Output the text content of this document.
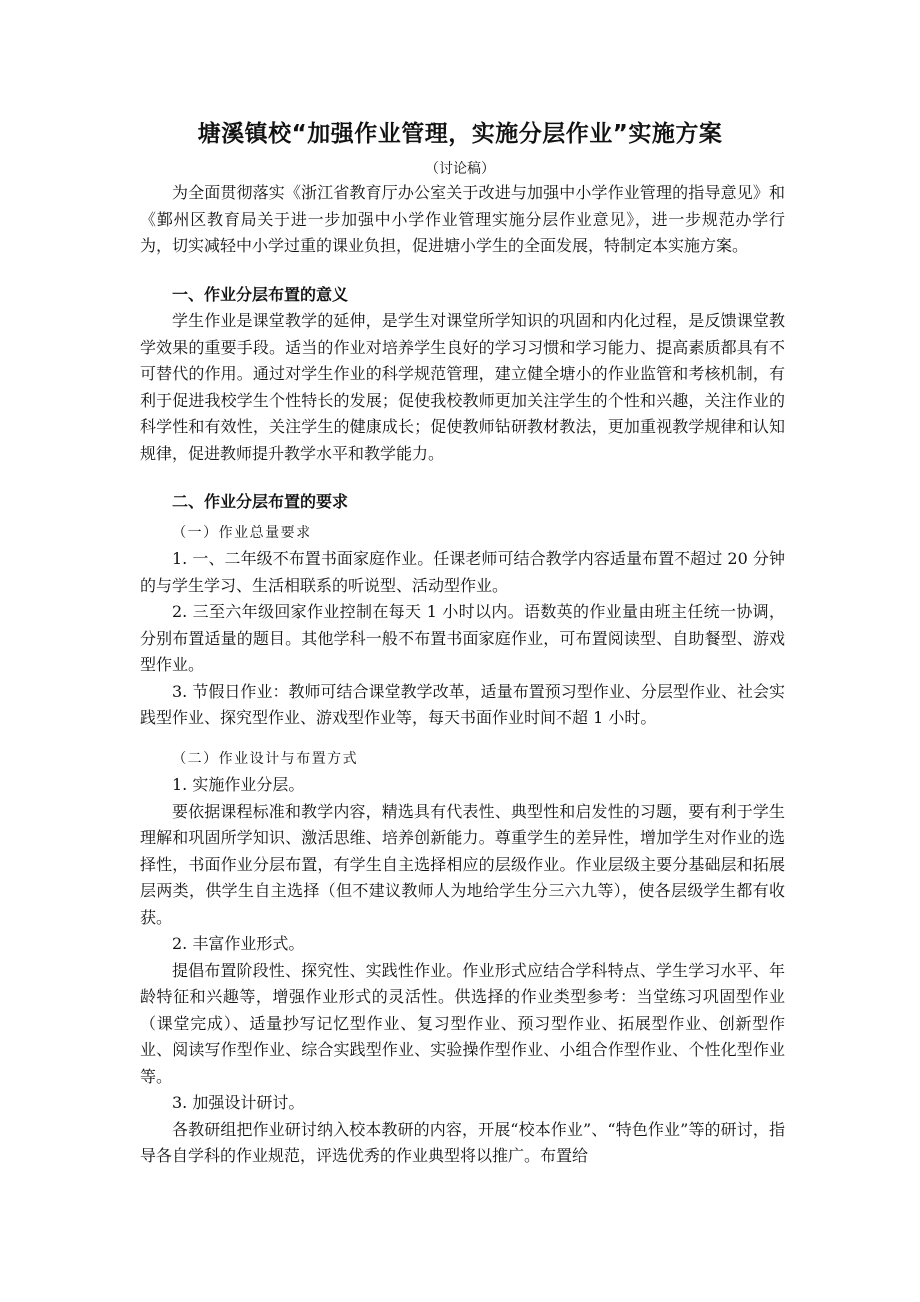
塘溪镇校“加强作业管理，实施分层作业”实施方案
（讨论稿）

为全面贯彻落实《浙江省教育厅办公室关于改进与加强中小学作业管理的指导意见》和《鄞州区教育局关于进一步加强中小学作业管理实施分层作业意见》，进一步规范办学行为，切实减轻中小学过重的课业负担，促进塘小学生的全面发展，特制定本实施方案。

一、作业分层布置的意义

学生作业是课堂教学的延伸，是学生对课堂所学知识的巩固和内化过程，是反馈课堂教学效果的重要手段。适当的作业对培养学生良好的学习习惯和学习能力、提高素质都具有不可替代的作用。通过对学生作业的科学规范管理，建立健全塘小的作业监管和考核机制，有利于促进我校学生个性特长的发展；促使我校教师更加关注学生的个性和兴趣，关注作业的科学性和有效性，关注学生的健康成长；促使教师钻研教材教法，更加重视教学规律和认知规律，促进教师提升教学水平和教学能力。

二、作业分层布置的要求

（一）作业总量要求

1. 一、二年级不布置书面家庭作业。任课老师可结合教学内容适量布置不超过 20 分钟的与学生学习、生活相联系的听说型、活动型作业。

2. 三至六年级回家作业控制在每天 1 小时以内。语数英的作业量由班主任统一协调，分别布置适量的题目。其他学科一般不布置书面家庭作业，可布置阅读型、自助餐型、游戏型作业。

3. 节假日作业：教师可结合课堂教学改革，适量布置预习型作业、分层型作业、社会实践型作业、探究型作业、游戏型作业等，每天书面作业时间不超 1 小时。

（二）作业设计与布置方式

1. 实施作业分层。

要依据课程标准和教学内容，精选具有代表性、典型性和启发性的习题，要有利于学生理解和巩固所学知识、激活思维、培养创新能力。尊重学生的差异性，增加学生对作业的选择性，书面作业分层布置，有学生自主选择相应的层级作业。作业层级主要分基础层和拓展层两类，供学生自主选择（但不建议教师人为地给学生分三六九等），使各层级学生都有收获。

2. 丰富作业形式。

提倡布置阶段性、探究性、实践性作业。作业形式应结合学科特点、学生学习水平、年龄特征和兴趣等，增强作业形式的灵活性。供选择的作业类型参考：当堂练习巩固型作业（课堂完成）、适量抄写记忆型作业、复习型作业、预习型作业、拓展型作业、创新型作业、阅读写作型作业、综合实践型作业、实验操作型作业、小组合作型作业、个性化型作业等。

3. 加强设计研讨。

各教研组把作业研讨纳入校本教研的内容，开展“校本作业”、“特色作业”等的研讨，指导各自学科的作业规范，评选优秀的作业典型将以推广。布置给
